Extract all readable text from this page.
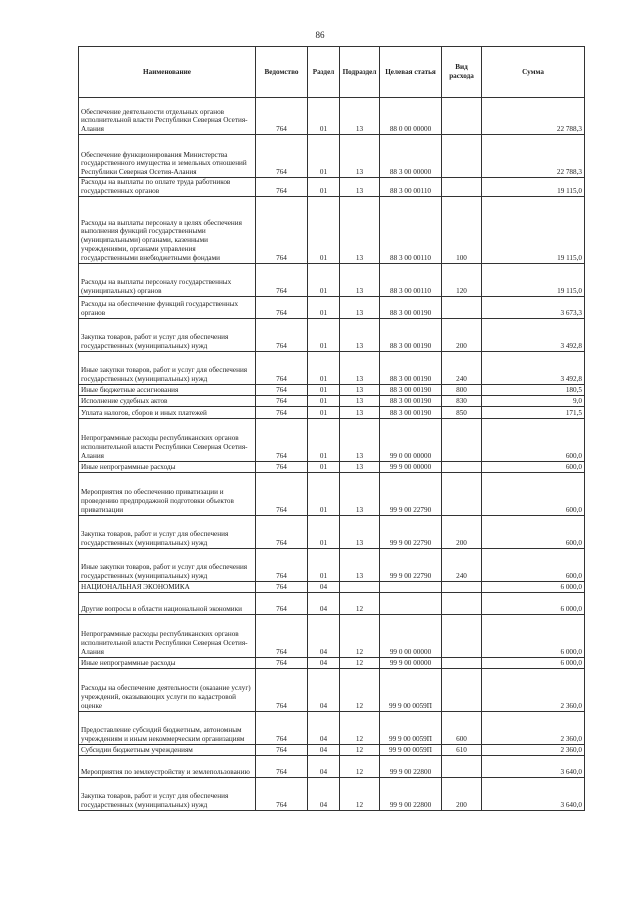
86
Наименование	Ведомство	Раздел	Подраздел	Целевая статья	Вид расхода	Сумма
Обеспечение деятельности отдельных органов исполнительной власти Республики Северная Осетия-Алания	764	01	13	88 0 00 00000		22 788,3
Обеспечение функционирования Министерства государственного имущества и земельных отношений Республики Северная Осетия-Алания	764	01	13	88 3 00 00000		22 788,3
Расходы на выплаты по оплате труда работников государственных органов	764	01	13	88 3 00 00110		19 115,0
Расходы на выплаты персоналу в целях обеспечения выполнения функций государственными (муниципальными) органами, казенными учреждениями, органами управления государственными внебюджетными фондами	764	01	13	88 3 00 00110	100	19 115,0
Расходы на выплаты персоналу государственных (муниципальных) органов	764	01	13	88 3 00 00110	120	19 115,0
Расходы на обеспечение функций государственных органов	764	01	13	88 3 00 00190		3 673,3
Закупка товаров, работ и услуг для обеспечения государственных (муниципальных) нужд	764	01	13	88 3 00 00190	200	3 492,8
Иные закупки товаров, работ и услуг для обеспечения государственных (муниципальных) нужд	764	01	13	88 3 00 00190	240	3 492,8
Иные бюджетные ассигнования	764	01	13	88 3 00 00190	800	180,5
Исполнение судебных актов	764	01	13	88 3 00 00190	830	9,0
Уплата налогов, сборов и иных платежей	764	01	13	88 3 00 00190	850	171,5
Непрограммные расходы республиканских органов исполнительной власти Республики Северная Осетия-Алания	764	01	13	99 0 00 00000		600,0
Иные непрограммные расходы	764	01	13	99 9 00 00000		600,0
Мероприятия по обеспечению приватизации и проведению предпродажной подготовки объектов приватизации	764	01	13	99 9 00 22790		600,0
Закупка товаров, работ и услуг для обеспечения государственных (муниципальных) нужд	764	01	13	99 9 00 22790	200	600,0
Иные закупки товаров, работ и услуг для обеспечения государственных (муниципальных) нужд	764	01	13	99 9 00 22790	240	600,0
НАЦИОНАЛЬНАЯ ЭКОНОМИКА	764	04				6 000,0
Другие вопросы в области национальной экономики	764	04	12			6 000,0
Непрограммные расходы республиканских органов исполнительной власти Республики Северная Осетия-Алания	764	04	12	99 0 00 00000		6 000,0
Иные непрограммные расходы	764	04	12	99 9 00 00000		6 000,0
Расходы на обеспечение деятельности (оказание услуг) учреждений, оказывающих услуги по кадастровой оценке	764	04	12	99 9 00 0059П		2 360,0
Предоставление субсидий бюджетным, автономным учреждениям и иным некоммерческим организациям	764	04	12	99 9 00 0059П	600	2 360,0
Субсидии бюджетным учреждениям	764	04	12	99 9 00 0059П	610	2 360,0
Мероприятия по землеустройству и землепользованию	764	04	12	99 9 00 22800		3 640,0
Закупка товаров, работ и услуг для обеспечения государственных (муниципальных) нужд	764	04	12	99 9 00 22800	200	3 640,0
